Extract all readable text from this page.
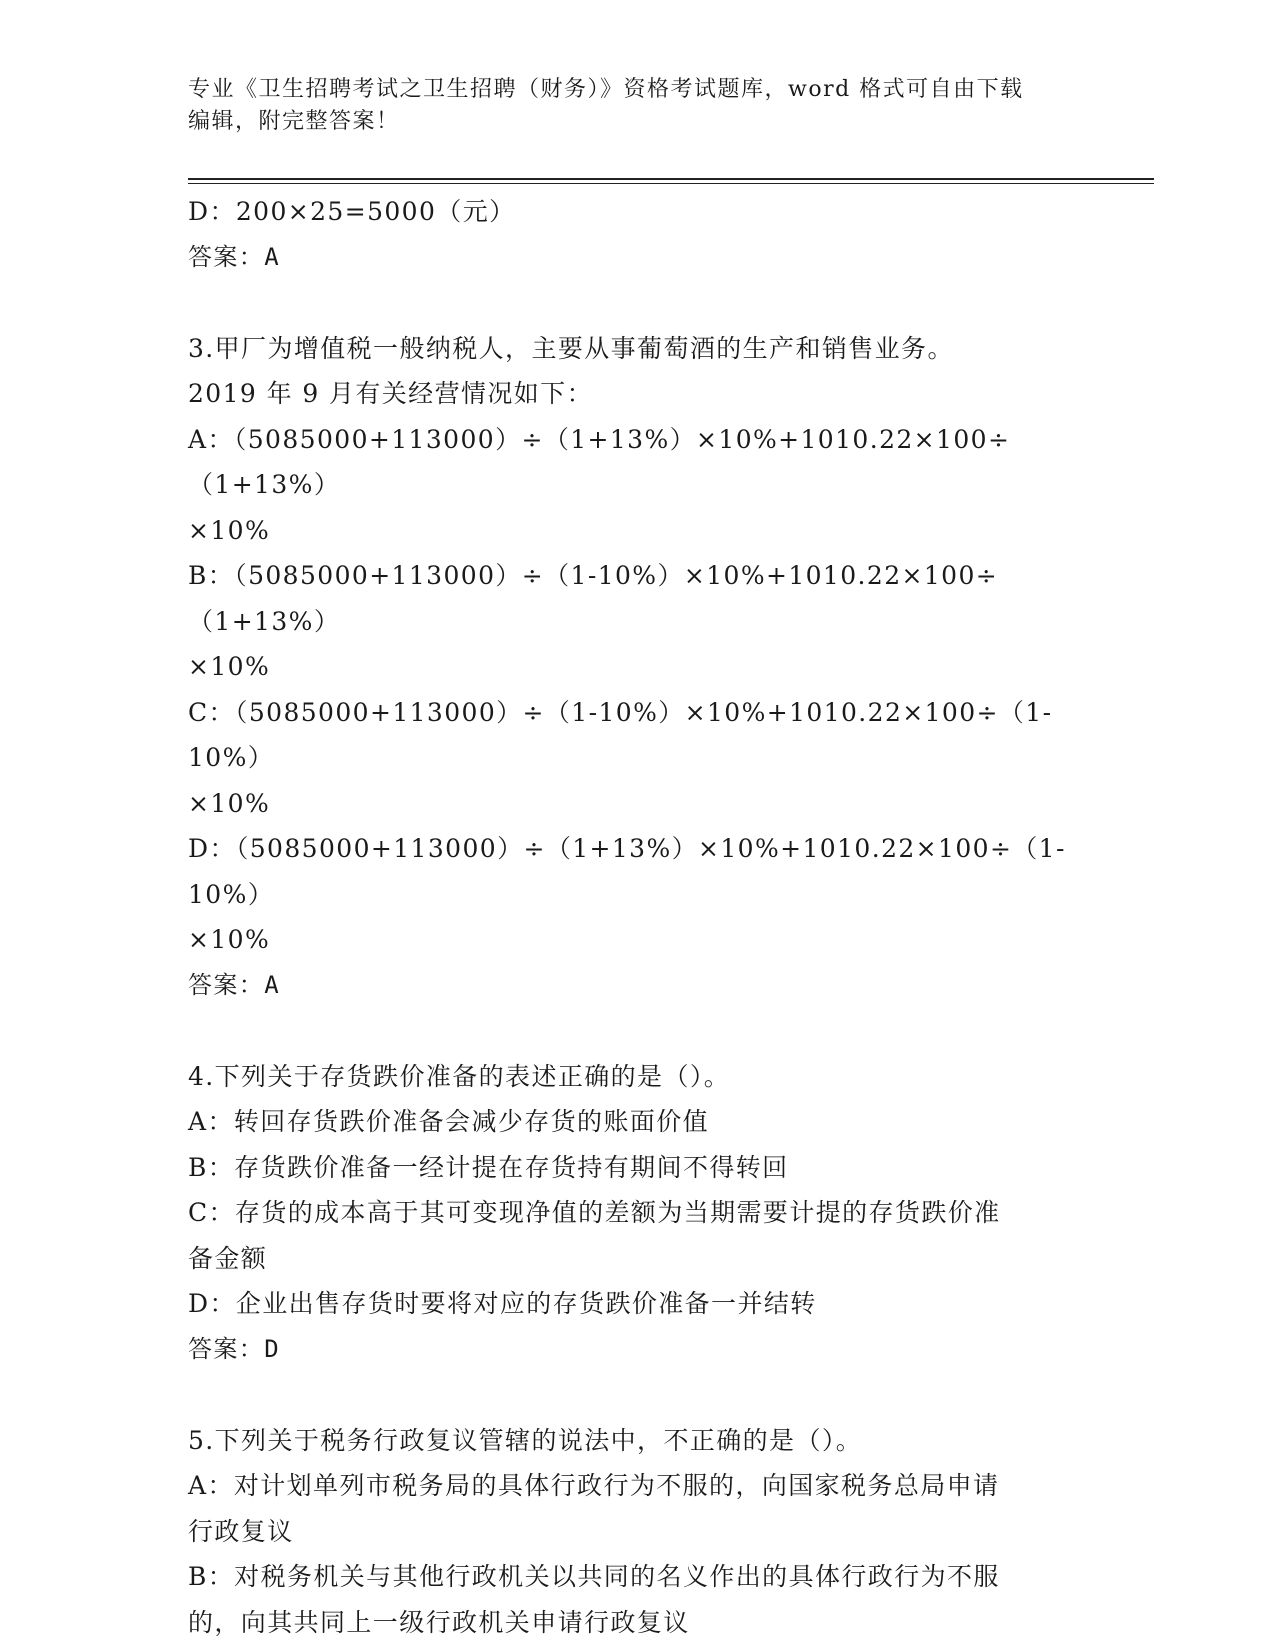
专业《卫生招聘考试之卫生招聘（财务）》资格考试题库，word 格式可自由下载
编辑，附完整答案！
D：200×25=5000（元）
答案：A
3.甲厂为增值税一般纳税人，主要从事葡萄酒的生产和销售业务。
2019 年 9 月有关经营情况如下：
A：（5085000+113000）÷（1+13%）×10%+1010.22×100÷（1+13%）
×10%
B：（5085000+113000）÷（1-10%）×10%+1010.22×100÷（1+13%）
×10%
C：（5085000+113000）÷（1-10%）×10%+1010.22×100÷（1-10%）
×10%
D：（5085000+113000）÷（1+13%）×10%+1010.22×100÷（1-10%）
×10%
答案：A
4.下列关于存货跌价准备的表述正确的是（）。
A：转回存货跌价准备会减少存货的账面价值
B：存货跌价准备一经计提在存货持有期间不得转回
C：存货的成本高于其可变现净值的差额为当期需要计提的存货跌价准
备金额
D：企业出售存货时要将对应的存货跌价准备一并结转
答案：D
5.下列关于税务行政复议管辖的说法中，不正确的是（）。
A：对计划单列市税务局的具体行政行为不服的，向国家税务总局申请
行政复议
B：对税务机关与其他行政机关以共同的名义作出的具体行政行为不服
的，向其共同上一级行政机关申请行政复议
